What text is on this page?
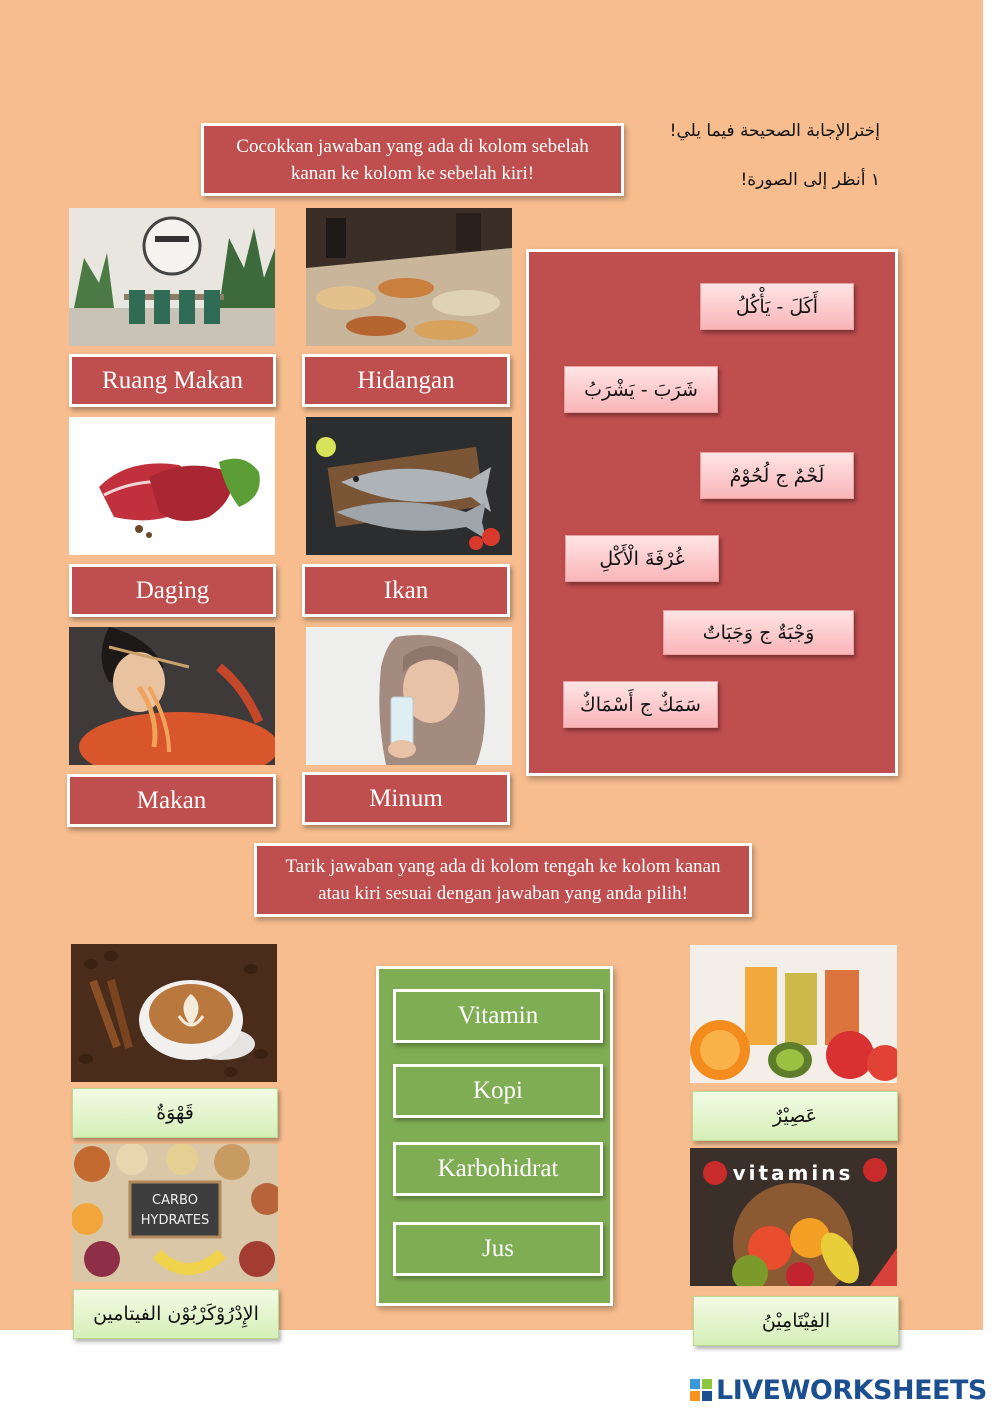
Cocokkan jawaban yang ada di kolom sebelah kanan ke kolom ke sebelah kiri!
إخترالإجابة الصحيحة فيما يلي!
١ أنظر إلى الصورة!
Ruang Makan	Hidangan
Daging	Ikan
Makan	Minum
أَكَلَ - يَأْكُلُ
شَرَبَ - يَشْرَبُ
لَحْمٌ ج لُحُوْمٌ
غُرْفَةَ الْأَكْلِ
وَجْبَةٌ ج وَجَبَاتٌ
سَمَكٌ ج أَسْمَاكٌ
Tarik jawaban yang ada di kolom tengah ke kolom kanan atau kiri sesuai dengan jawaban yang anda pilih!
قَهْوَةٌ
CARBO
HYDRATES
الإِدْرُوْكَرْبُوْن الفيتامين
Vitamin
Kopi
Karbohidrat
Jus
عَصِيْرٌ
vitamins
الفِيْتَامِيْنُ
LIVEWORKSHEETS
